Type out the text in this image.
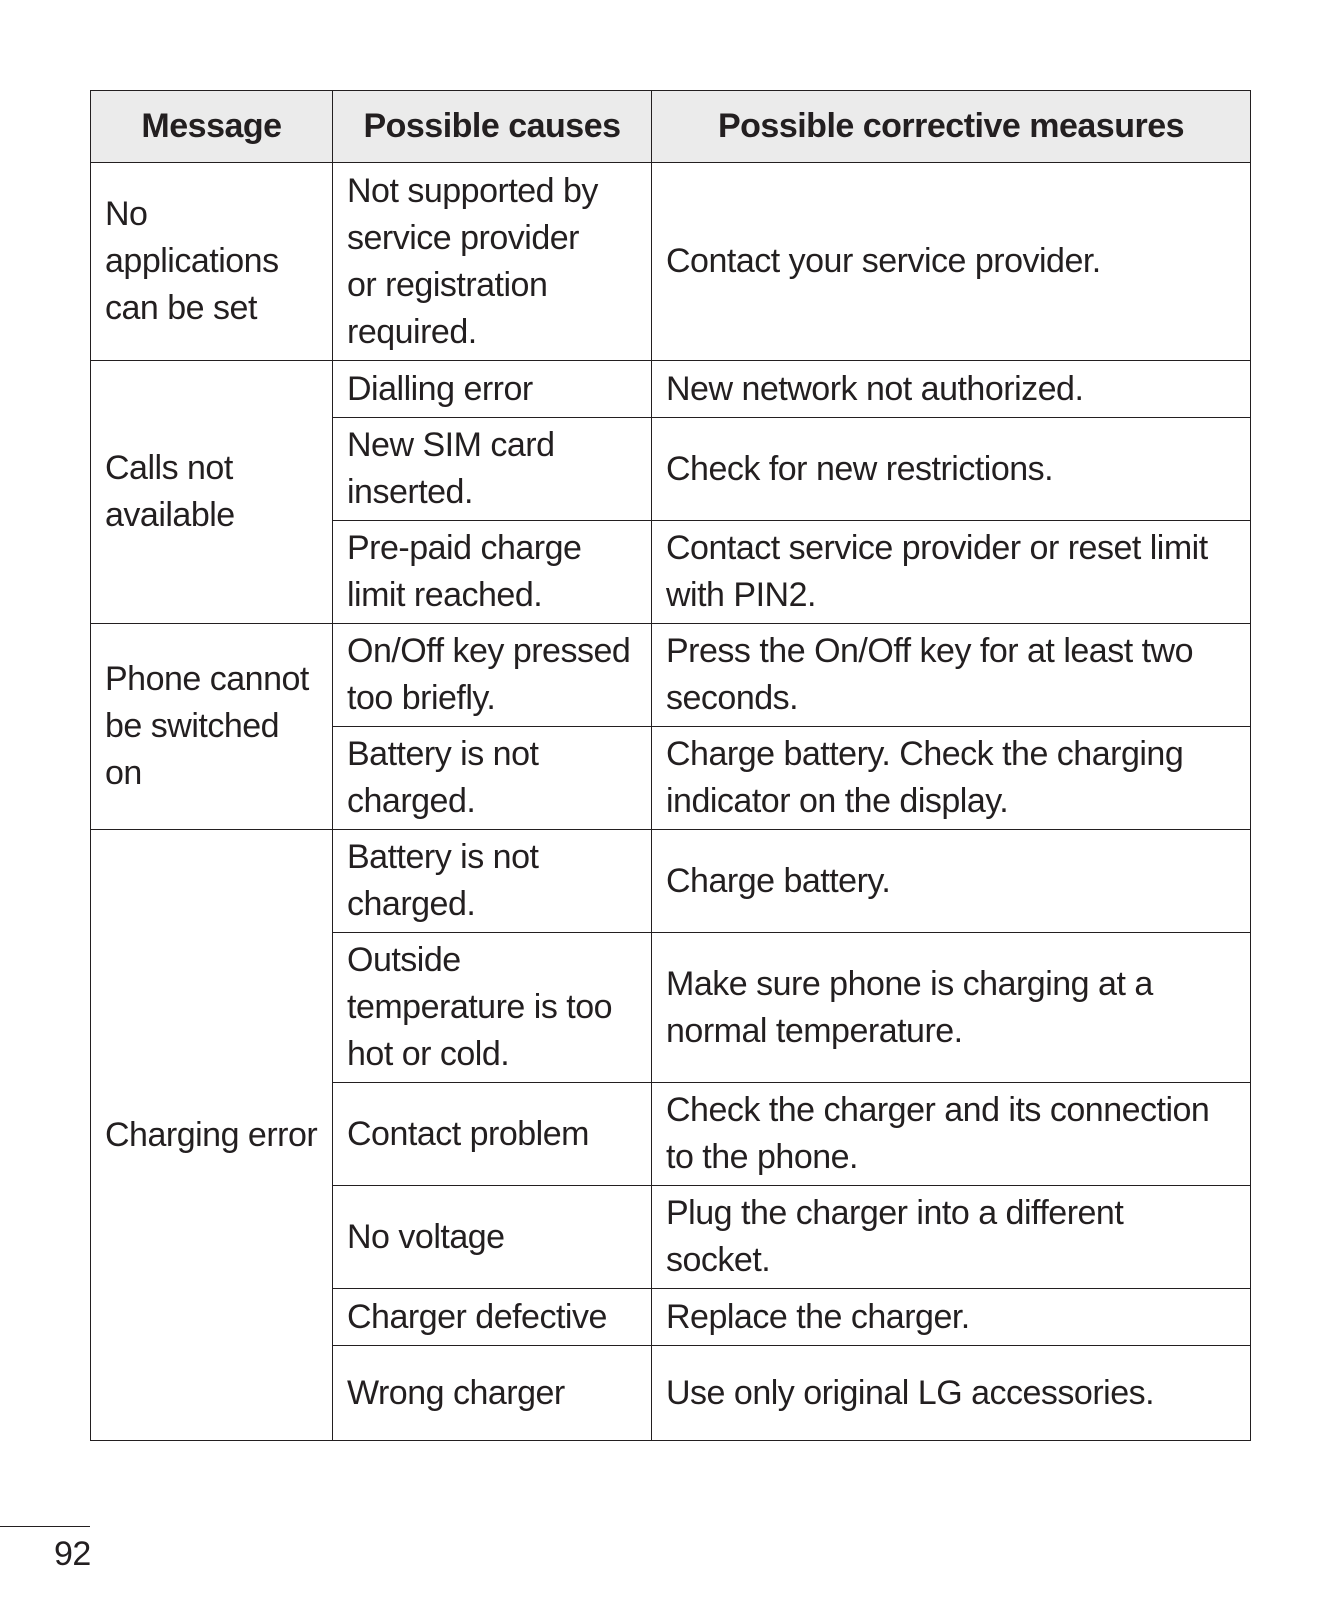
Message	Possible causes	Possible corrective measures
No applications can be set	Not supported by service provider or registration required.	Contact your service provider.
Calls not available	Dialling error	New network not authorized.
	New SIM card inserted.	Check for new restrictions.
	Pre-paid charge limit reached.	Contact service provider or reset limit with PIN2.
Phone cannot be switched on	On/Off key pressed too briefly.	Press the On/Off key for at least two seconds.
	Battery is not charged.	Charge battery. Check the charging indicator on the display.
Charging error	Battery is not charged.	Charge battery.
	Outside temperature is too hot or cold.	Make sure phone is charging at a normal temperature.
	Contact problem	Check the charger and its connection to the phone.
	No voltage	Plug the charger into a different socket.
	Charger defective	Replace the charger.
	Wrong charger	Use only original LG accessories.
92
